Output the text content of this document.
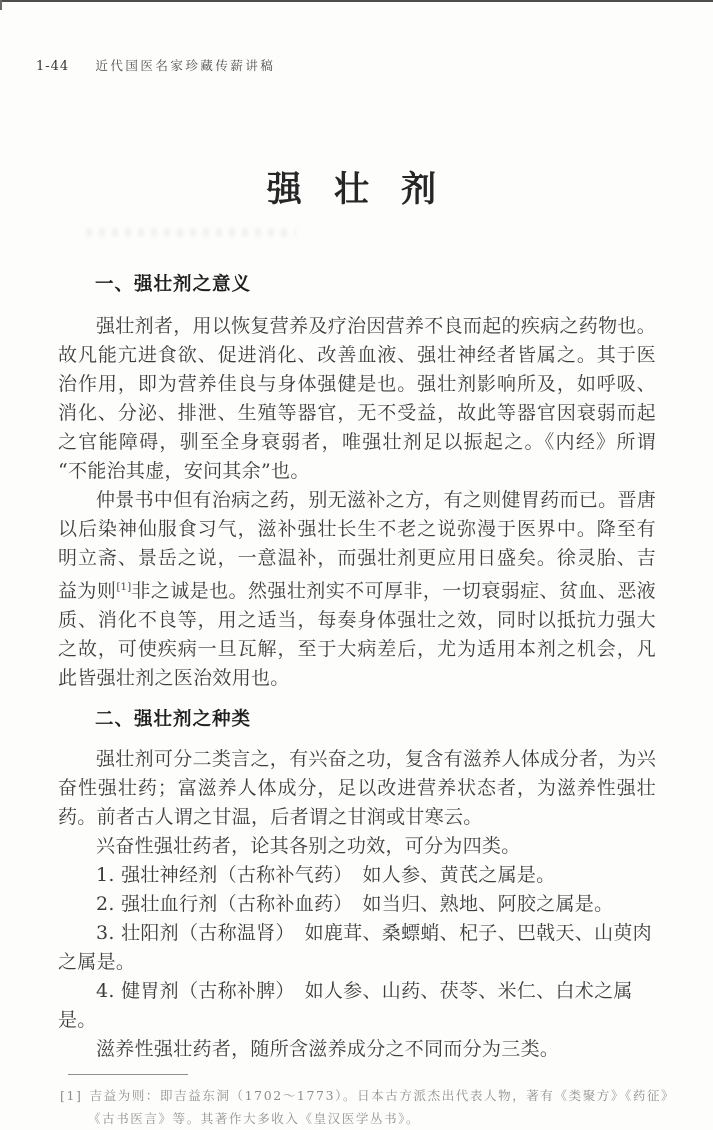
1-44 近代国医名家珍藏传薪讲稿
强 壮 剂
一、强壮剂之意义

强壮剂者，用以恢复营养及疗治因营养不良而起的疾病之药物也。故凡能亢进食欲、促进消化、改善血液、强壮神经者皆属之。其于医治作用，即为营养佳良与身体强健是也。强壮剂影响所及，如呼吸、消化、分泌、排泄、生殖等器官，无不受益，故此等器官因衰弱而起之官能障碍，驯至全身衰弱者，唯强壮剂足以振起之。《内经》所谓“不能治其虚，安问其余”也。

仲景书中但有治病之药，别无滋补之方，有之则健胃药而已。晋唐以后染神仙服食习气，滋补强壮长生不老之说弥漫于医界中。降至有明立斋、景岳之说，一意温补，而强壮剂更应用日盛矣。徐灵胎、吉益为则[1]非之诚是也。然强壮剂实不可厚非，一切衰弱症、贫血、恶液质、消化不良等，用之适当，每奏身体强壮之效，同时以抵抗力强大之故，可使疾病一旦瓦解，至于大病差后，尤为适用本剂之机会，凡此皆强壮剂之医治效用也。

二、强壮剂之种类

强壮剂可分二类言之，有兴奋之功，复含有滋养人体成分者，为兴奋性强壮药；富滋养人体成分，足以改进营养状态者，为滋养性强壮药。前者古人谓之甘温，后者谓之甘润或甘寒云。

兴奋性强壮药者，论其各别之功效，可分为四类。

1. 强壮神经剂（古称补气药）　如人参、黄芪之属是。

2. 强壮血行剂（古称补血药）　如当归、熟地、阿胶之属是。

3. 壮阳剂（古称温肾）　如鹿茸、桑螵蛸、杞子、巴戟天、山萸肉之属是。

4. 健胃剂（古称补脾）　如人参、山药、茯苓、米仁、白术之属是。

滋养性强壮药者，随所含滋养成分之不同而分为三类。

[1] 吉益为则：即吉益东洞（1702～1773）。日本古方派杰出代表人物，著有《类聚方》《药征》《古书医言》等。其著作大多收入《皇汉医学丛书》。
